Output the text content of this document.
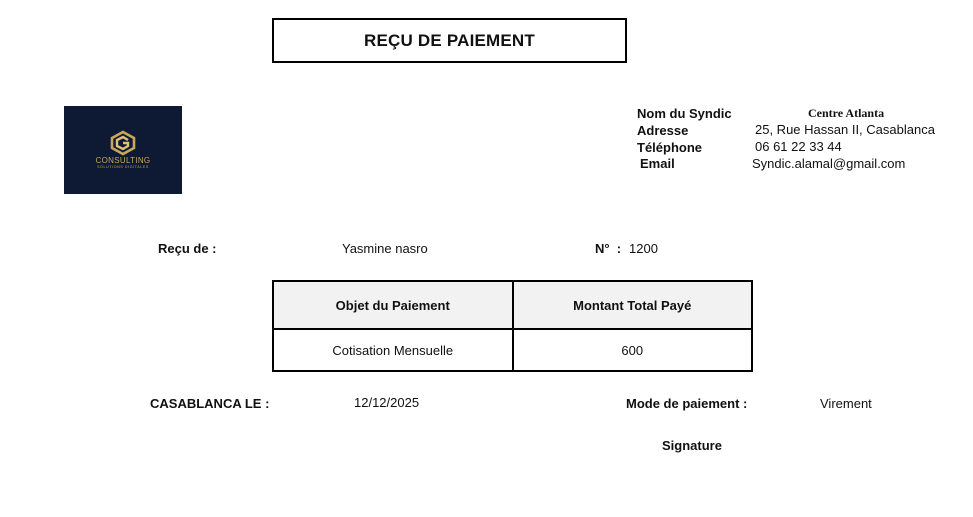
REÇU DE PAIEMENT
CONSULTING
SOLUTIONS DIGITALES
Nom du Syndic	Centre Atlanta
Adresse	25, Rue Hassan II, Casablanca
Téléphone	06 61 22 33 44
Email	Syndic.alamal@gmail.com
Reçu de :	Yasmine nasro	N°  : 1200
Objet du Paiement	Montant Total Payé
Cotisation Mensuelle	600
CASABLANCA LE :	12/12/2025	Mode de paiement :	Virement
Signature
